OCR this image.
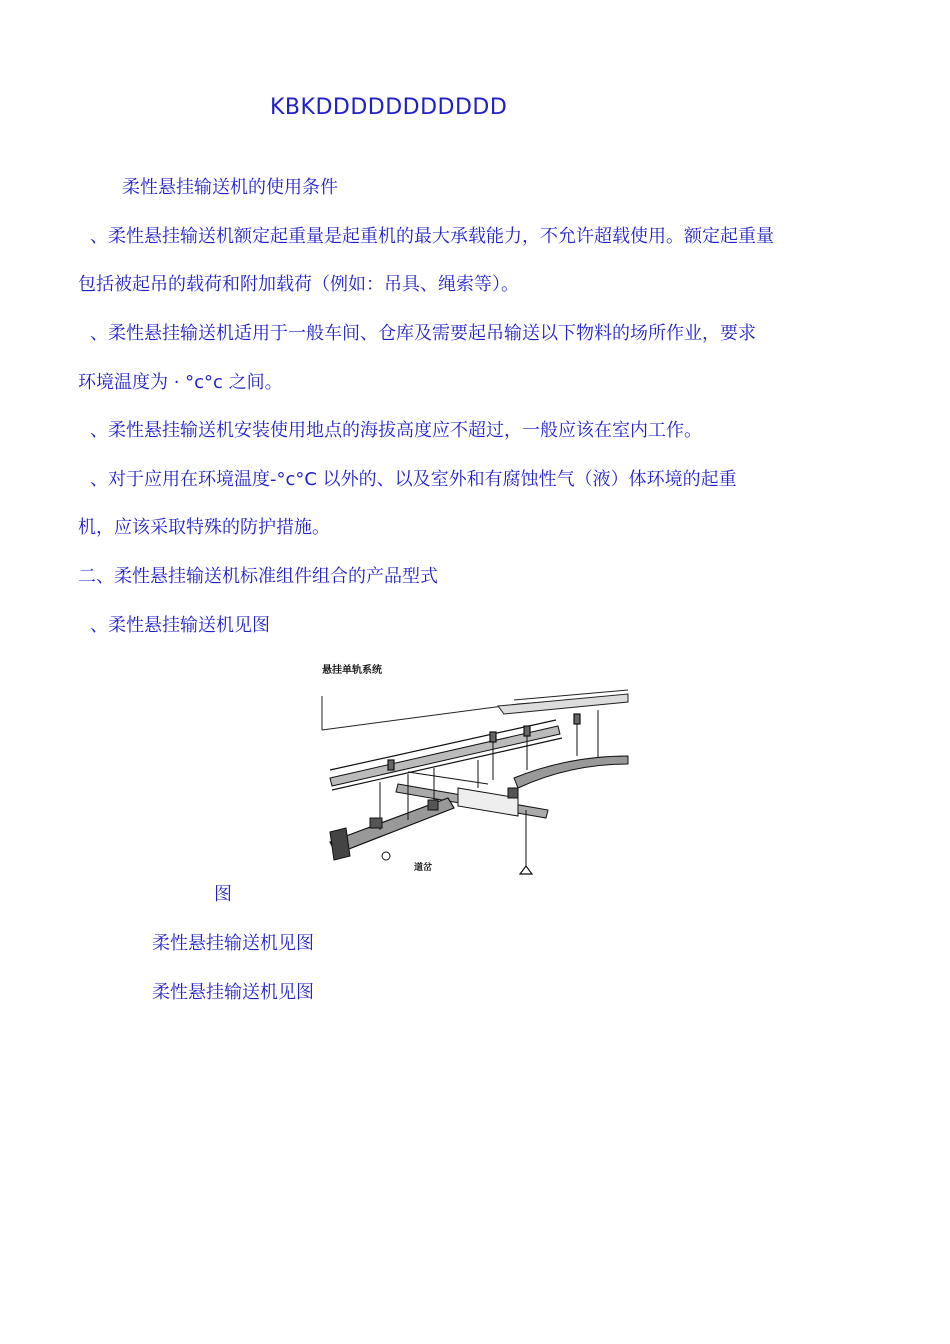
KBKDDDDDDDDDDD
柔性悬挂输送机的使用条件
、柔性悬挂输送机额定起重量是起重机的最大承载能力，不允许超载使用。额定起重量
包括被起吊的载荷和附加载荷（例如：吊具、绳索等）。
、柔性悬挂输送机适用于一般车间、仓库及需要起吊输送以下物料的场所作业，要求
环境温度为 · °c°c 之间。
、柔性悬挂输送机安装使用地点的海拔高度应不超过，一般应该在室内工作。
、对于应用在环境温度-°c°C 以外的、以及室外和有腐蚀性气（液）体环境的起重
机，应该采取特殊的防护措施。
二、柔性悬挂输送机标准组件组合的产品型式
、柔性悬挂输送机见图
悬挂单轨系统
道岔
图
柔性悬挂输送机见图
柔性悬挂输送机见图
